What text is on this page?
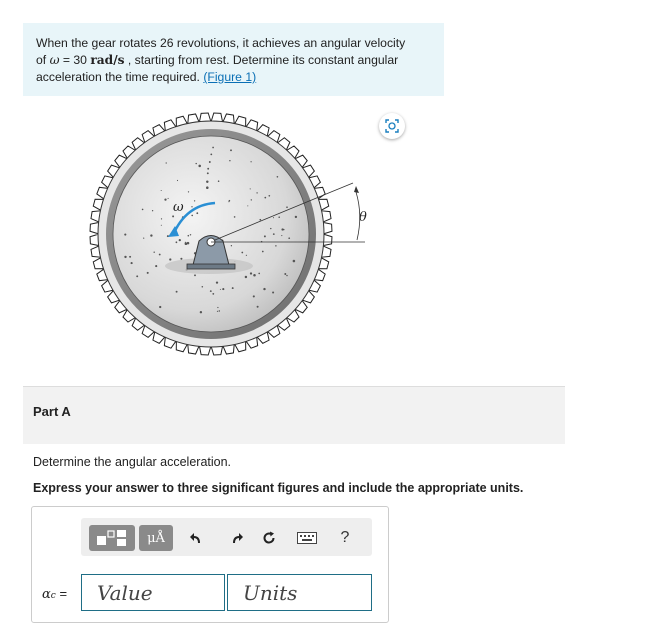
When the gear rotates 26 revolutions, it achieves an angular velocity
of ω = 30 rad/s , starting from rest. Determine its constant angular
acceleration the time required. (Figure 1)
θ
ω
Part A
Determine the angular acceleration.
Express your answer to three significant figures and include the appropriate units.
μÅ	?
αc =	Value	Units
